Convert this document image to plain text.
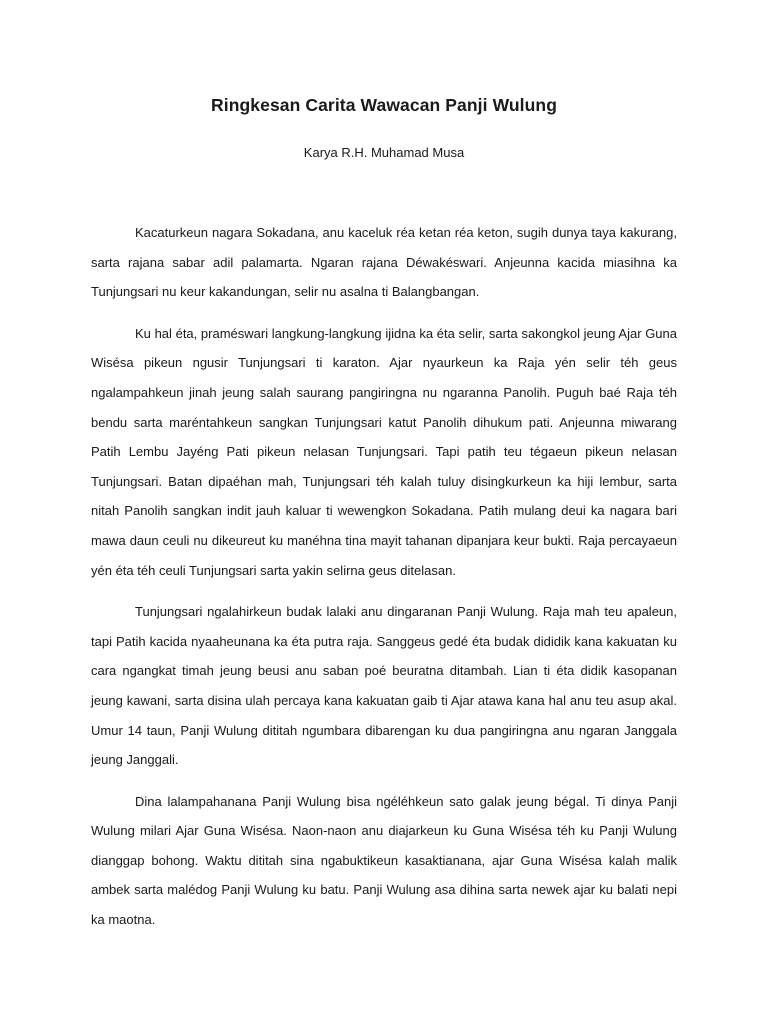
Ringkesan Carita Wawacan Panji Wulung
Karya R.H. Muhamad Musa

Kacaturkeun nagara Sokadana, anu kaceluk réa ketan réa keton, sugih dunya taya kakurang, sarta rajana sabar adil palamarta. Ngaran rajana Déwakéswari. Anjeunna kacida miasihna ka Tunjungsari nu keur kakandungan, selir nu asalna ti Balangbangan.

Ku hal éta, praméswari langkung-langkung ijidna ka éta selir, sarta sakongkol jeung Ajar Guna Wisésa pikeun ngusir Tunjungsari ti karaton. Ajar nyaurkeun ka Raja yén selir téh geus ngalampahkeun jinah jeung salah saurang pangiringna nu ngaranna Panolih. Puguh baé Raja téh bendu sarta maréntahkeun sangkan Tunjungsari katut Panolih dihukum pati. Anjeunna miwarang Patih Lembu Jayéng Pati pikeun nelasan Tunjungsari. Tapi patih teu tégaeun pikeun nelasan Tunjungsari. Batan dipaéhan mah, Tunjungsari téh kalah tuluy disingkurkeun ka hiji lembur, sarta nitah Panolih sangkan indit jauh kaluar ti wewengkon Sokadana. Patih mulang deui ka nagara bari mawa daun ceuli nu dikeureut ku manéhna tina mayit tahanan dipanjara keur bukti. Raja percayaeun yén éta téh ceuli Tunjungsari sarta yakin selirna geus ditelasan.

Tunjungsari ngalahirkeun budak lalaki anu dingaranan Panji Wulung. Raja mah teu apaleun, tapi Patih kacida nyaaheunana ka éta putra raja. Sanggeus gedé éta budak dididik kana kakuatan ku cara ngangkat timah jeung beusi anu saban poé beuratna ditambah. Lian ti éta didik kasopanan jeung kawani, sarta disina ulah percaya kana kakuatan gaib ti Ajar atawa kana hal anu teu asup akal. Umur 14 taun, Panji Wulung dititah ngumbara dibarengan ku dua pangiringna anu ngaran Janggala jeung Janggali.

Dina lalampahanana Panji Wulung bisa ngéléhkeun sato galak jeung bégal. Ti dinya Panji Wulung milari Ajar Guna Wisésa. Naon-naon anu diajarkeun ku Guna Wisésa téh ku Panji Wulung dianggap bohong. Waktu dititah sina ngabuktikeun kasaktianana, ajar Guna Wisésa kalah malik ambek sarta malédog Panji Wulung ku batu. Panji Wulung asa dihina sarta newek ajar ku balati nepi ka maotna.
